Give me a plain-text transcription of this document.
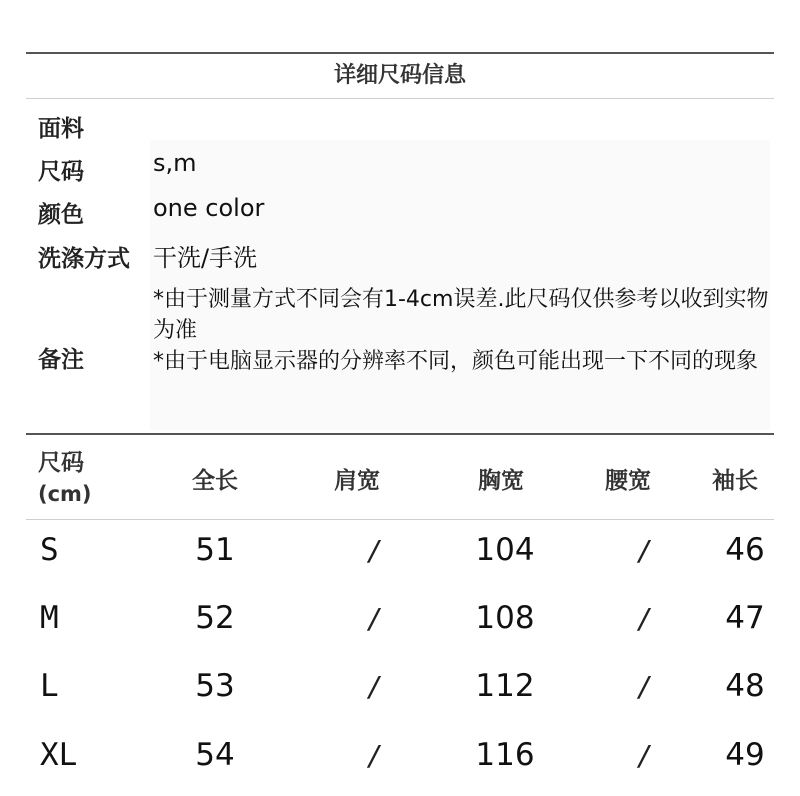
详细尺码信息
面料
尺码	s,m
颜色	one color
洗涤方式 干洗/手洗
备注

*由于测量方式不同会有1-4cm误差.此尺码仅供参考以收到实物为准

*由于电脑显示器的分辨率不同，颜色可能出现一下不同的现象

尺码
(cm)	全长	肩宽	胸宽	腰宽	袖长
S	51	/	104	/	46
M	52	/	108	/	47
L	53	/	112	/	48
XL	54	/	116	/	49
